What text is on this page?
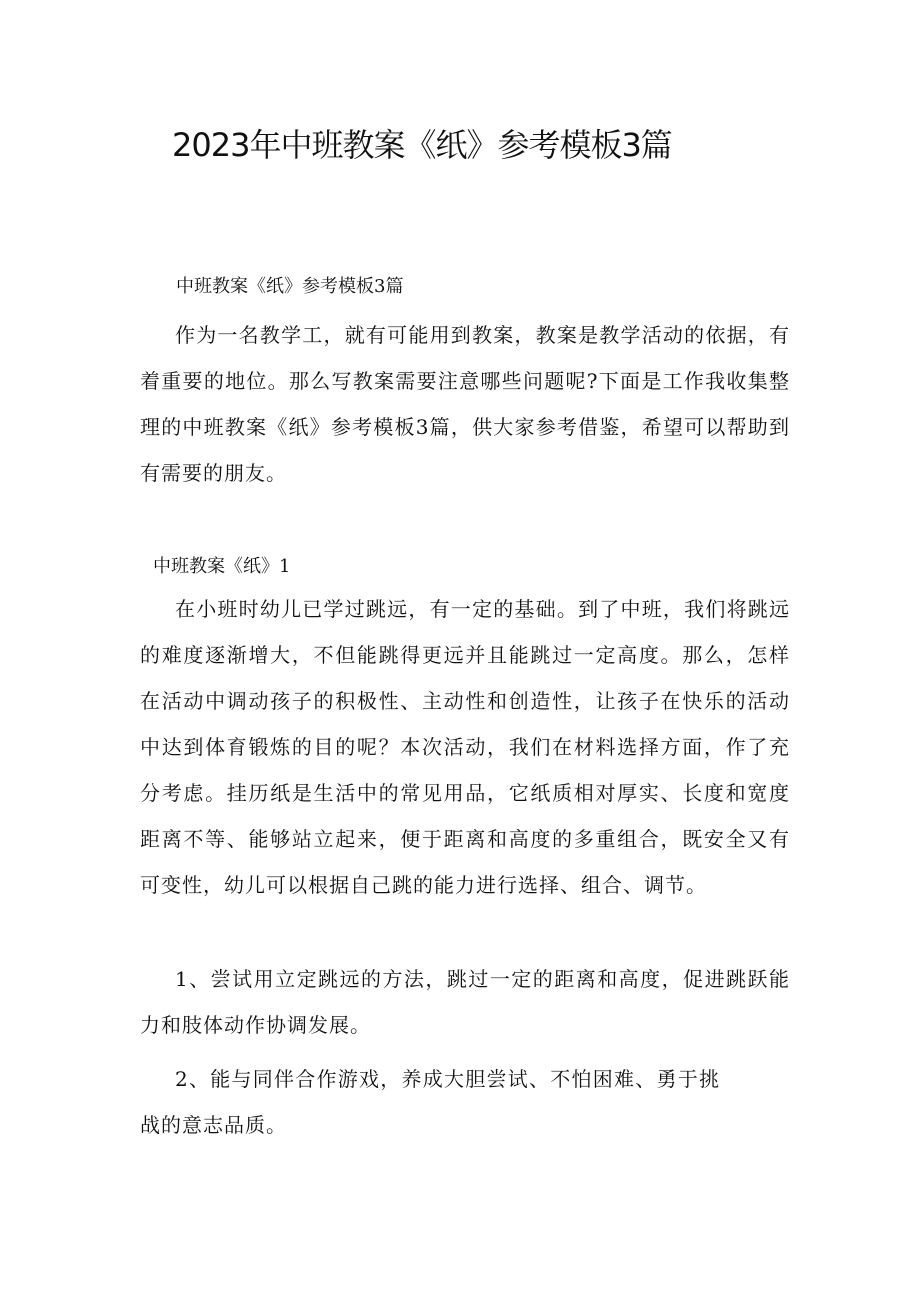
2023年中班教案《纸》参考模板3篇
中班教案《纸》参考模板3篇

作为一名教学工，就有可能用到教案，教案是教学活动的依据，有着重要的地位。那么写教案需要注意哪些问题呢?下面是工作我收集整理的中班教案《纸》参考模板3篇，供大家参考借鉴，希望可以帮助到有需要的朋友。

中班教案《纸》1

在小班时幼儿已学过跳远，有一定的基础。到了中班，我们将跳远的难度逐渐增大，不但能跳得更远并且能跳过一定高度。那么，怎样在活动中调动孩子的积极性、主动性和创造性，让孩子在快乐的活动中达到体育锻炼的目的呢？本次活动，我们在材料选择方面，作了充分考虑。挂历纸是生活中的常见用品，它纸质相对厚实、长度和宽度距离不等、能够站立起来，便于距离和高度的多重组合，既安全又有可变性，幼儿可以根据自己跳的能力进行选择、组合、调节。

1、尝试用立定跳远的方法，跳过一定的距离和高度，促进跳跃能力和肢体动作协调发展。

2、能与同伴合作游戏，养成大胆尝试、不怕困难、勇于挑战的意志品质。
